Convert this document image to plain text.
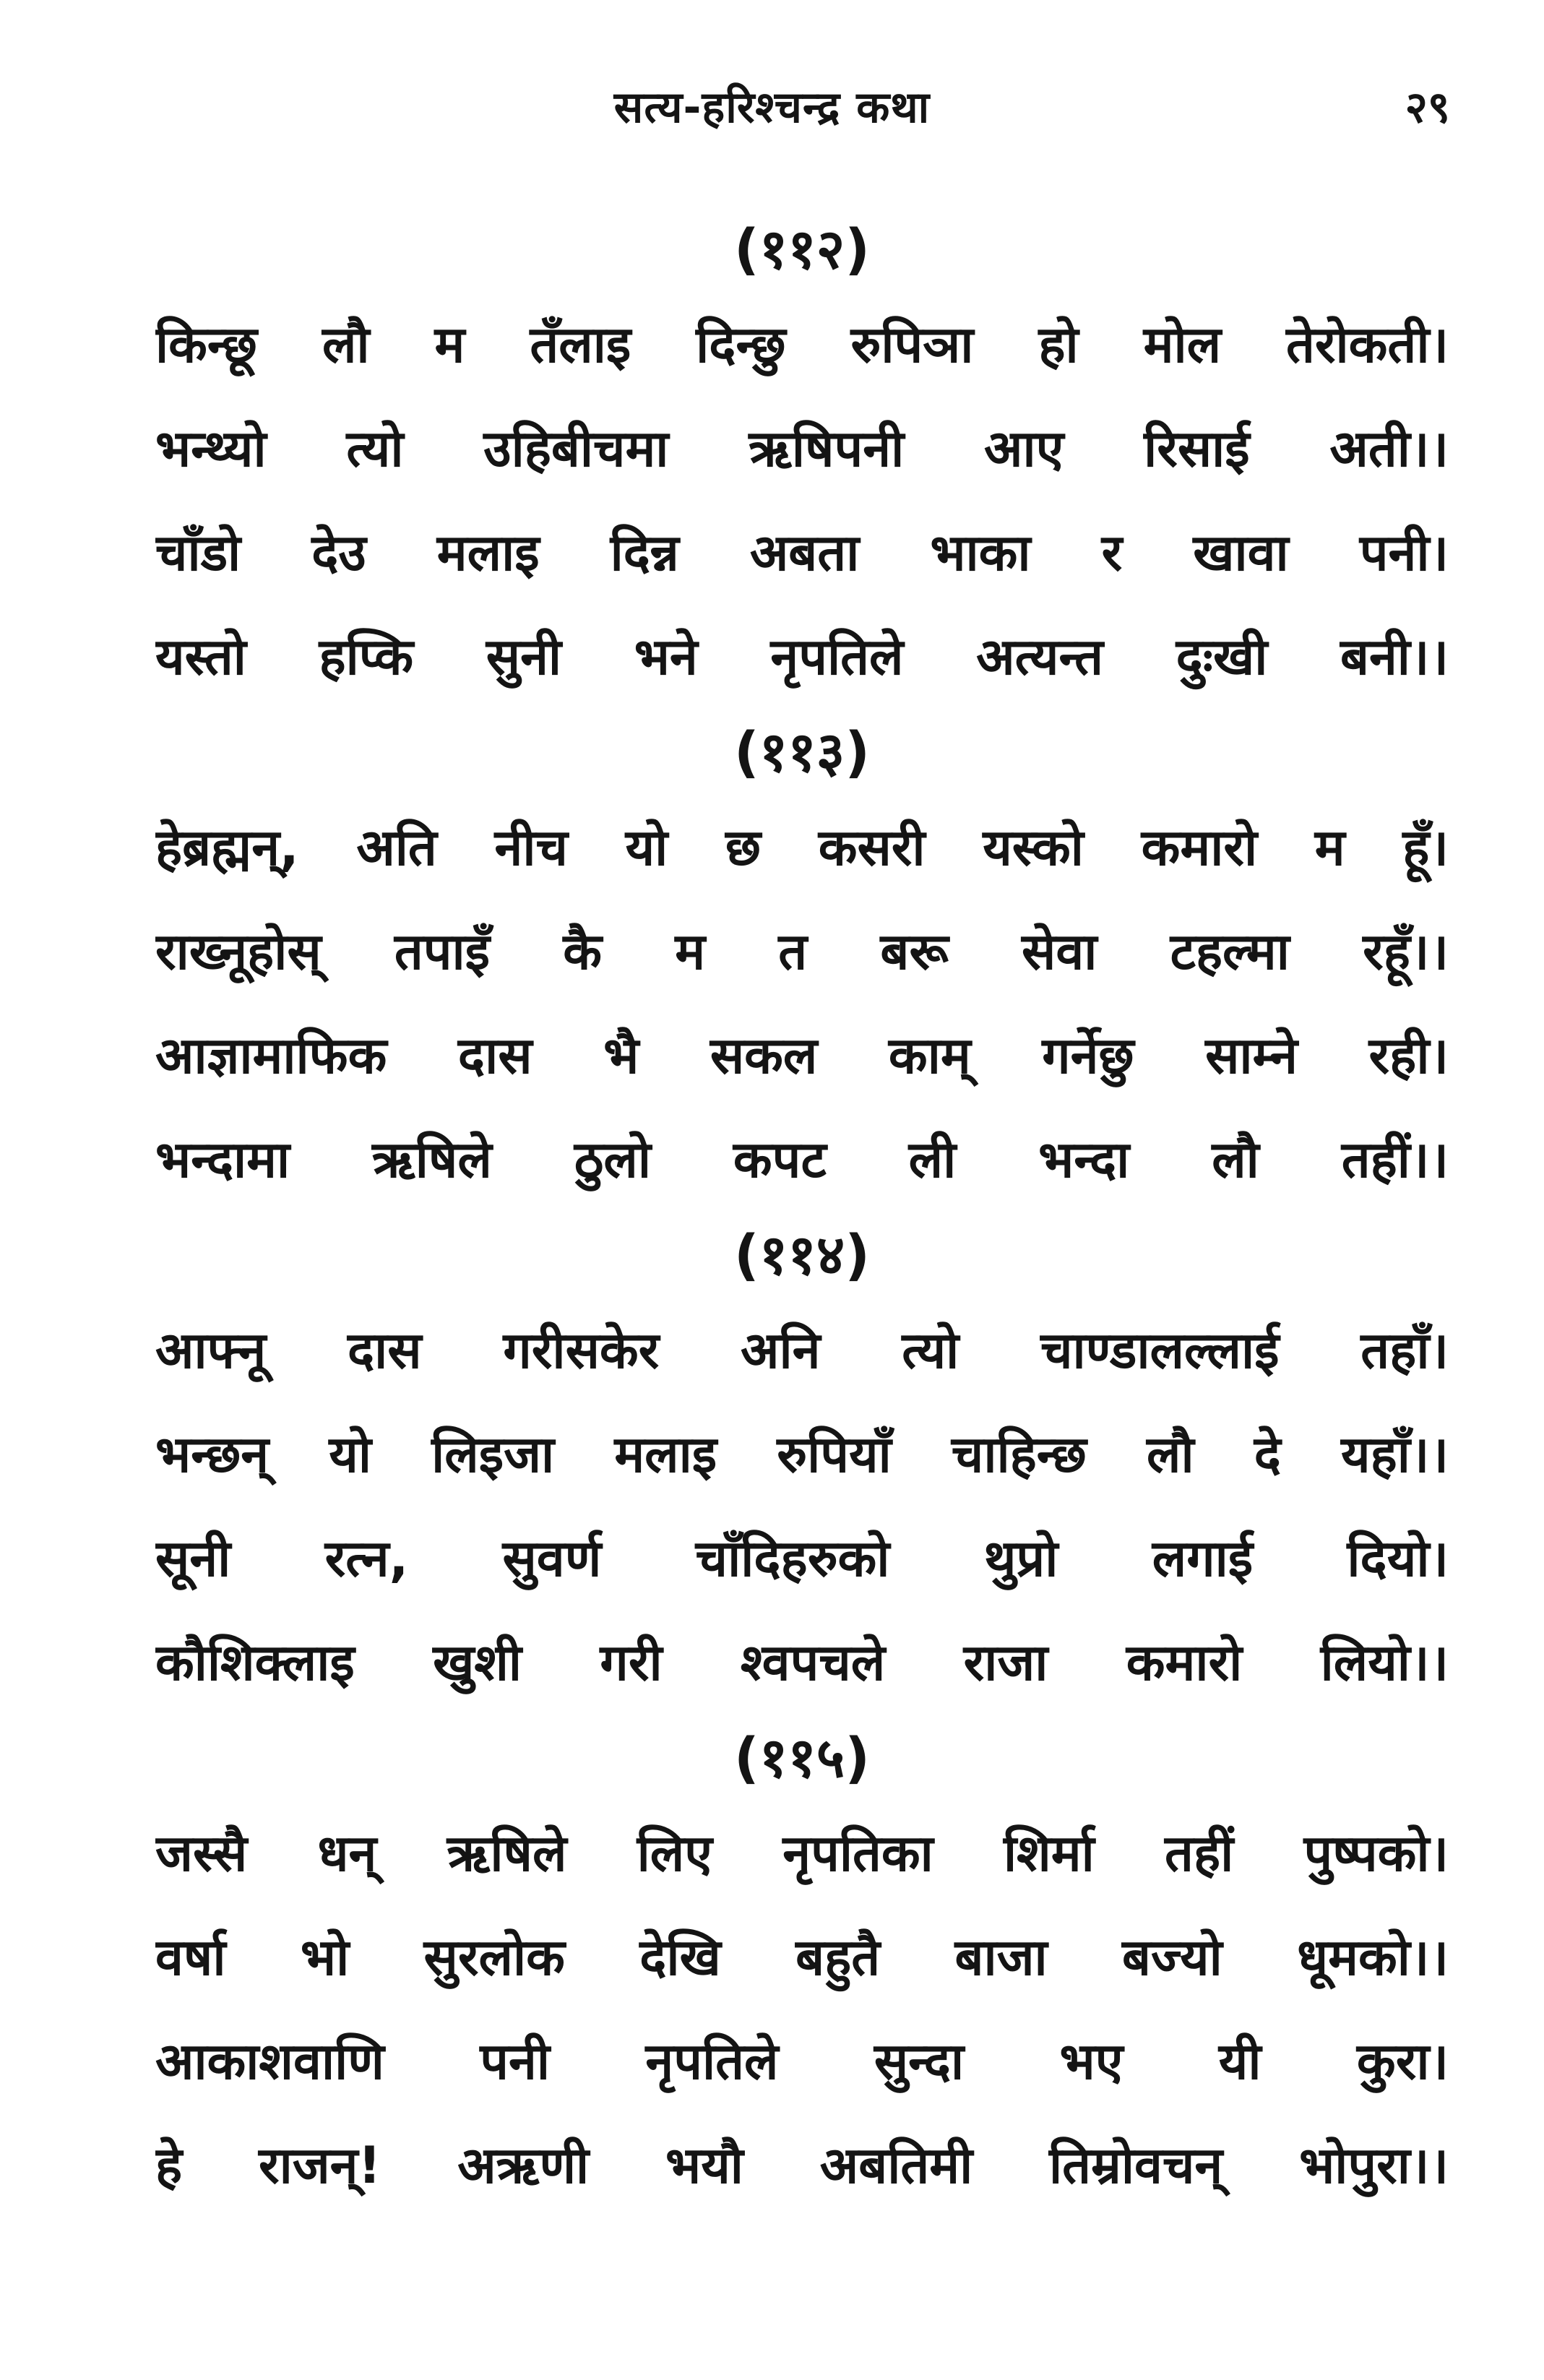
सत्य-हरिश्चन्द्र कथा	२९
(११२)
किन्छू लौ म तँलाइ दिन्छु रुपिञा हो मोल तेरोकती।
भन्थ्यो त्यो उहिबीचमा ऋषिपनी आए रिसाई अती।।
चाँडो देउ मलाइ दिन्न अबता भाका र खावा पनी।
यस्तो हप्कि सुनी भने नृपतिले अत्यन्त दुःखी बनी।।
(११३)
हेब्रह्मन्, अति नीच यो छ कसरी यस्को कमारो म हूँ।
राख्नूहोस् तपाइँ कै म त बरू सेवा टहल्मा रहूँ।।
आज्ञामाफिक दास भै सकल काम् गर्नेछु साम्ने रही।
भन्दामा ऋषिले ठुलो कपट ली भन्दा लौ तहीं।।
(११४)
आफ्नू दास गरीसकेर अनि त्यो चाण्डालल्लाई तहाँ।
भन्छन् यो लिइजा मलाइ रुपियाँ चाहिन्छ लौ दे यहाँ।।
सूनी रत्न, सुवर्ण चाँदिहरुको थुप्रो लगाई दियो।
कौशिक्लाइ खुशी गरी श्वपचले राजा कमारो लियो।।
(११५)
जस्सै धन् ऋषिले लिए नृपतिका शिर्मा तहीं पुष्पको।
वर्षा भो सुरलोक देखि बहुतै बाजा बज्यो धूमको।।
आकाशवाणि पनी नृपतिले सुन्दा भए यी कुरा।
हे राजन्! अऋणी भयौ अबतिमी तिम्रोवचन् भोपुरा।।
